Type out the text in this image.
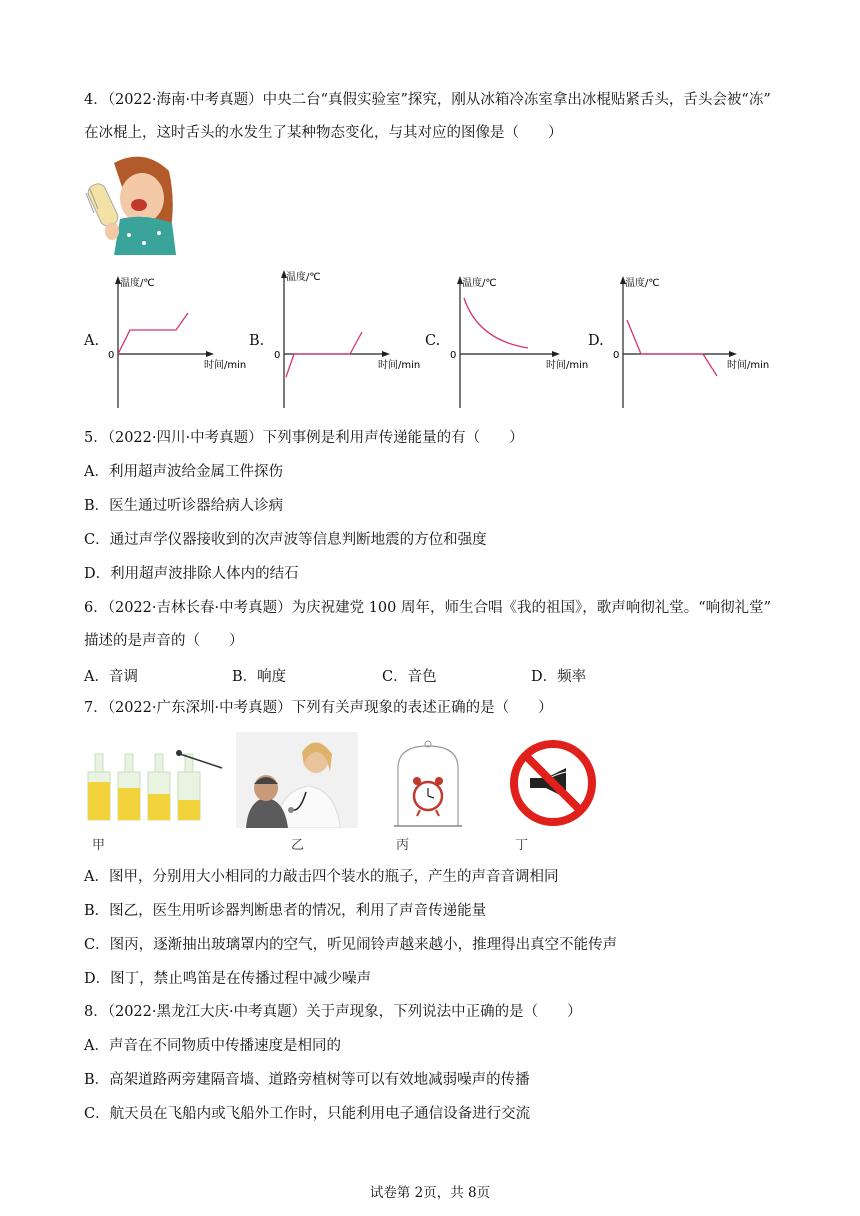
4．（2022·海南·中考真题）中央二台“真假实验室”探究，刚从冰箱冷冻室拿出冰棍贴紧舌头，舌头会被“冻”
在冰棍上，这时舌头的水发生了某种物态变化，与其对应的图像是（　　）
A.
温度/℃
0
时间/min
B.
温度/℃
0
时间/min
C.
温度/℃
0
时间/min
D.
温度/℃
0
时间/min
5．（2022·四川·中考真题）下列事例是利用声传递能量的有（　　）
A．利用超声波给金属工件探伤
B．医生通过听诊器给病人诊病
C．通过声学仪器接收到的次声波等信息判断地震的方位和强度
D．利用超声波排除人体内的结石
6．（2022·吉林长春·中考真题）为庆祝建党 100 周年，师生合唱《我的祖国》，歌声响彻礼堂。“响彻礼堂”
描述的是声音的（　　）
A．音调	B．响度	C．音色	D．频率
7．（2022·广东深圳·中考真题）下列有关声现象的表述正确的是（　　）
甲	乙	丙	丁
A．图甲，分别用大小相同的力敲击四个装水的瓶子，产生的声音音调相同
B．图乙，医生用听诊器判断患者的情况，利用了声音传递能量
C．图丙，逐渐抽出玻璃罩内的空气，听见闹铃声越来越小，推理得出真空不能传声
D．图丁，禁止鸣笛是在传播过程中减少噪声
8．（2022·黑龙江大庆·中考真题）关于声现象，下列说法中正确的是（　　）
A．声音在不同物质中传播速度是相同的
B．高架道路两旁建隔音墙、道路旁植树等可以有效地减弱噪声的传播
C．航天员在飞船内或飞船外工作时，只能利用电子通信设备进行交流
试卷第 2页，共 8页
